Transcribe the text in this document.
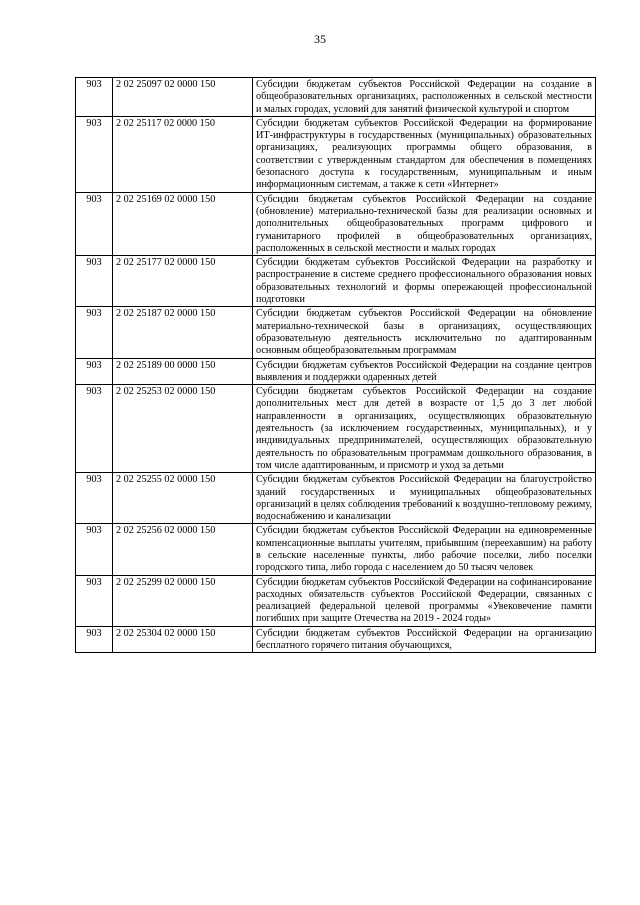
35
903	2 02 25097 02 0000 150	Субсидии бюджетам субъектов Российской Федерации на создание в общеобразовательных организациях, расположенных в сельской местности и малых городах, условий для занятий физической культурой и спортом
903	2 02 25117 02 0000 150	Субсидии бюджетам субъектов Российской Федерации на формирование ИТ-инфраструктуры в государственных (муниципальных) образовательных организациях, реализующих программы общего образования, в соответствии с утвержденным стандартом для обеспечения в помещениях безопасного доступа к государственным, муниципальным и иным информационным системам, а также к сети «Интернет»
903	2 02 25169 02 0000 150	Субсидии бюджетам субъектов Российской Федерации на создание (обновление) материально-технической базы для реализации основных и дополнительных общеобразовательных программ цифрового и гуманитарного профилей в общеобразовательных организациях, расположенных в сельской местности и малых городах
903	2 02 25177 02 0000 150	Субсидии бюджетам субъектов Российской Федерации на разработку и распространение в системе среднего профессионального образования новых образовательных технологий и формы опережающей профессиональной подготовки
903	2 02 25187 02 0000 150	Субсидии бюджетам субъектов Российской Федерации на обновление материально-технической базы в организациях, осуществляющих образовательную деятельность исключительно по адаптированным основным общеобразовательным программам
903	2 02 25189 00 0000 150	Субсидии бюджетам субъектов Российской Федерации на создание центров выявления и поддержки одаренных детей
903	2 02 25253 02 0000 150	Субсидии бюджетам субъектов Российской Федерации на создание дополнительных мест для детей в возрасте от 1,5 до 3 лет любой направленности в организациях, осуществляющих образовательную деятельность (за исключением государственных, муниципальных), и у индивидуальных предпринимателей, осуществляющих образовательную деятельность по образовательным программам дошкольного образования, в том числе адаптированным, и присмотр и уход за детьми
903	2 02 25255 02 0000 150	Субсидии бюджетам субъектов Российской Федерации на благоустройство зданий государственных и муниципальных общеобразовательных организаций в целях соблюдения требований к воздушно-тепловому режиму, водоснабжению и канализации
903	2 02 25256 02 0000 150	Субсидии бюджетам субъектов Российской Федерации на единовременные компенсационные выплаты учителям, прибывшим (переехавшим) на работу в сельские населенные пункты, либо рабочие поселки, либо поселки городского типа, либо города с населением до 50 тысяч человек
903	2 02 25299 02 0000 150	Субсидии бюджетам субъектов Российской Федерации на софинансирование расходных обязательств субъектов Российской Федерации, связанных с реализацией федеральной целевой программы «Увековечение памяти погибших при защите Отечества на 2019 - 2024 годы»
903	2 02 25304 02 0000 150	Субсидии бюджетам субъектов Российской Федерации на организацию бесплатного горячего питания обучающихся,
